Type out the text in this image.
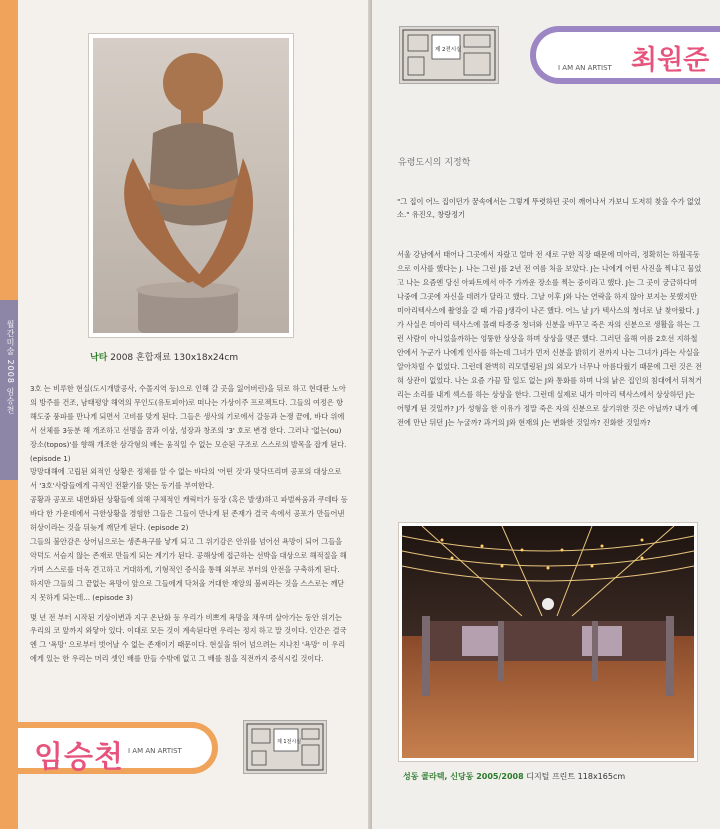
월간미술 2008 임승천	낙타 2008 혼합재료 130x18x24cm

3호 는 비루한 현실(도시개발공사, 수몰지역 등)으로 인해 갈 곳을 잃어버린)을 뒤로 하고 현대판 노아의 방주를 건조, 남태평양 해역의 무인도(유토피아)로 떠나는 가상이주 프로젝트다. 그들의 여정은 항해도중 풍파를 만나게 되면서 고비를 맞게 된다. 그들은 생사의 기로에서 갈등과 논쟁 끝에, 바다 위에서 선체를 3등분 해 개조하고 선명을 꿈과 이상, 성장과 창조의 '3' 호로 변경 한다. 그러나 '없는(ou) 장소(topos)'를 향해 개조한 삼각형의 배는 움직일 수 없는 모순된 구조로 스스로의 발목을 잡게 된다. (episode 1)

망망대해에 고립된 외적인 상황은 정체를 알 수 없는 바다의 '어떤 것'과 맞닥뜨리며 공포의 대상으로서 '3호'사람들에게 극적인 전환기를 맞는 동기를 부여한다.

공황과 공포로 내면화된 상황들에 의해 구체적인 캐릭터가 등장 (혹은 발생)하고 파벌싸움과 쿠데타 등 바다 한 가운데에서 극한상황을 경험한 그들은 그들이 만나게 된 존재가 결국 속에서 공포가 만들어낸 허상이라는 것을 뒤늦게 깨닫게 된다. (episode 2)

그들의 불안감은 상어님으로는 생존욕구를 낳게 되고 그 위기감은 안위를 넘어선 욕망이 되어 그들을 악덕도 서슴지 않는 존재로 만들게 되는 계기가 된다. 공해상에 접근하는 선박을 대상으로 해적질을 해가며 스스로를 더욱 견고하고 거대하게, 기형적인 증식을 통해 외부로 부터의 안전을 구축하게 된다. 하지만 그들의 그 끝없는 욕망이 앞으로 그들에게 닥쳐올 거대한 재앙의 불씨라는 것을 스스로는 깨닫지 못하게 되는데... (episode 3)

몇 년 전 부터 시작된 기상이변과 지구 온난화 등 우리가 비쁘게 욕망을 채우며 살아가는 동안 위기는 우리의 코 앞까지 와닿아 있다. 이대로 모든 것이 계속된다면 우리는 정지 하고 말 것이다. 인간은 결국엔 그 '욕망' 으로부터 벗어날 수 없는 존재이기 때문이다. 현실을 뛰어 넘으려는 지나친 '욕망' 이 우리에게 있는 한 우리는 머리 셋인 배를 만들 수밖에 없고 그 배를 침을 직전까지 증식시킬 것이다.

임승천 I AM AN ARTIST
제 1전시실
제 2전시실	최원준
I AM AN ARTIST
유령도시의 지정학
"그 집이 어느 집이던가 꿈속에서는 그렇게 뚜렷하던 곳이 깨어나서 가보니 도저히 찾을 수가 없었소." 유진오, 창랑정기
서울 강남에서 태어나 그곳에서 자랐고 얼마 전 새로 구한 직장 때문에 미아리, 정확히는 하월곡동으로 이사를 했다는 J. 나는 그런 J를 2년 전 여름 처음 보았다. J는 나에게 어떤 사진을 찍냐고 물었고 나는 요즘엔 당신 아파트에서 아주 가까운 장소를 찍는 중이라고 했다. J는 그 곳이 궁금하다며 나중에 그곳에 자신을 데려가 달라고 했다. 그날 이후 J와 나는 연락을 하지 않아 보지는 못했지만 미아리텍사스에 촬영을 갈 때 가끔 J생각이 나곤 했다. 어느 날 J가 텍사스의 청녀로 날 찾아왔다. J가 사실은 미아리 텍사스에 몰래 타종중 청녀와 신분을 바꾸고 죽은 자의 신분으로 생활을 하는 그런 사람이 아니었을까하는 엉뚱한 상상을 하며 상상을 맺곤 했다. 그러던 올해 여름 2호선 지하철 안에서 누군가 나에게 인사를 하는데 그녀가 먼저 신분을 밝히기 전까지 나는 그녀가 J라는 사실을 알아차릴 수 없었다. 그런데 완벽히 리모델링된 J의 외모가 너무나 아름다웠기 때문에 그런 것은 전혀 상관이 없었다. 나는 요즘 가끔 할 일도 없는 J와 통화를 하며 나의 낡은 집인의 침대에서 뒤척거리는 소리를 내게 섹스를 하는 상상을 한다. 그런데 실제로 내가 미아리 텍사스에서 상상하던 J는 어떻게 된 것일까? J가 성형을 한 이유가 정말 죽은 자의 신분으로 살기위한 것은 아닐까? 내가 예전에 만난 뒤던 J는 누굴까? 과거의 J와 현재의 J는 변화한 것일까? 진화한 것일까?
성동 콜라텍, 신당동 2005/2008 디지털 프린트 118x165cm
